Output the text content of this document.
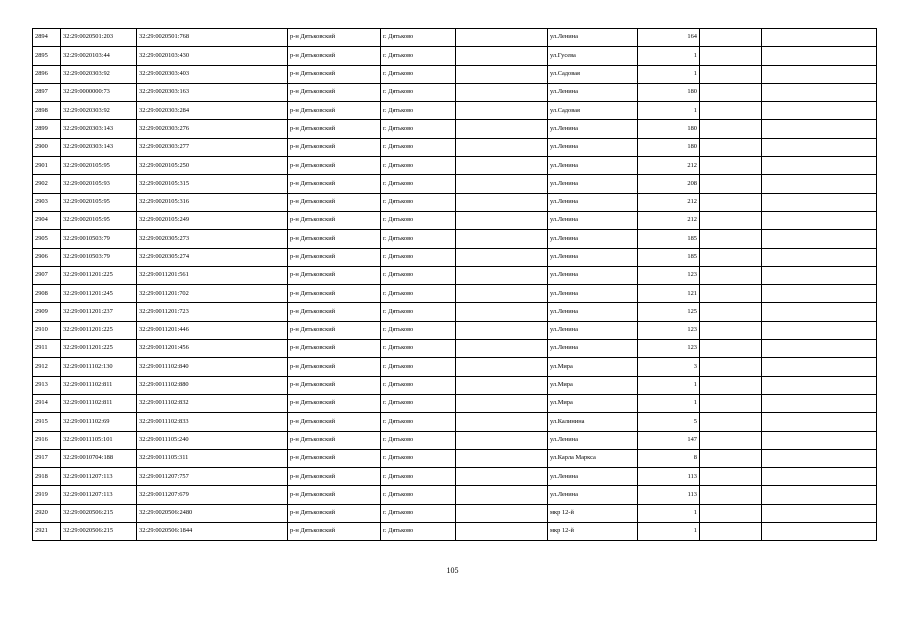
2894	32:29:0020501:203	32:29:0020501:768	р-н Дятьковский	г. Дятьково		ул.Ленина	164		
2895	32:29:0020103:44	32:29:0020103:430	р-н Дятьковский	г. Дятьково		ул.Гусева	1		
2896	32:29:0020303:92	32:29:0020303:403	р-н Дятьковский	г. Дятьково		ул.Садовая	1		
2897	32:29:0000000:73	32:29:0020303:163	р-н Дятьковский	г. Дятьково		ул.Ленина	180		
2898	32:29:0020303:92	32:29:0020303:284	р-н Дятьковский	г. Дятьково		ул.Садовая	1		
2899	32:29:0020303:143	32:29:0020303:276	р-н Дятьковский	г. Дятьково		ул.Ленина	180		
2900	32:29:0020303:143	32:29:0020303:277	р-н Дятьковский	г. Дятьково		ул.Ленина	180		
2901	32:29:0020105:95	32:29:0020105:250	р-н Дятьковский	г. Дятьково		ул.Ленина	212		
2902	32:29:0020105:93	32:29:0020105:315	р-н Дятьковский	г. Дятьково		ул.Ленина	208		
2903	32:29:0020105:95	32:29:0020105:316	р-н Дятьковский	г. Дятьково		ул.Ленина	212		
2904	32:29:0020105:95	32:29:0020105:249	р-н Дятьковский	г. Дятьково		ул.Ленина	212		
2905	32:29:0010503:79	32:29:0020305:273	р-н Дятьковский	г. Дятьково		ул.Ленина	185		
2906	32:29:0010503:79	32:29:0020305:274	р-н Дятьковский	г. Дятьково		ул.Ленина	185		
2907	32:29:0011201:225	32:29:0011201:561	р-н Дятьковский	г. Дятьково		ул.Ленина	123		
2908	32:29:0011201:245	32:29:0011201:702	р-н Дятьковский	г. Дятьково		ул.Ленина	121		
2909	32:29:0011201:237	32:29:0011201:723	р-н Дятьковский	г. Дятьково		ул.Ленина	125		
2910	32:29:0011201:225	32:29:0011201:446	р-н Дятьковский	г. Дятьково		ул.Ленина	123		
2911	32:29:0011201:225	32:29:0011201:456	р-н Дятьковский	г. Дятьково		ул.Ленина	123		
2912	32:29:0011102:130	32:29:0011102:840	р-н Дятьковский	г. Дятьково		ул.Мира	3		
2913	32:29:0011102:811	32:29:0011102:880	р-н Дятьковский	г. Дятьково		ул.Мира	1		
2914	32:29:0011102:811	32:29:0011102:832	р-н Дятьковский	г. Дятьково		ул.Мира	1		
2915	32:29:0011102:69	32:29:0011102:833	р-н Дятьковский	г. Дятьково		ул.Калинина	5		
2916	32:29:0011105:101	32:29:0011105:240	р-н Дятьковский	г. Дятьково		ул.Ленина	147		
2917	32:29:0010704:188	32:29:0011105:311	р-н Дятьковский	г. Дятьково		ул.Карла Маркса	8		
2918	32:29:0011207:113	32:29:0011207:757	р-н Дятьковский	г. Дятьково		ул.Ленина	113		
2919	32:29:0011207:113	32:29:0011207:679	р-н Дятьковский	г. Дятьково		ул.Ленина	113		
2920	32:29:0020506:215	32:29:0020506:2480	р-н Дятьковский	г. Дятьково		мкр 12-й	1		
2921	32:29:0020506:215	32:29:0020506:1844	р-н Дятьковский	г. Дятьково		мкр 12-й	1		
105
